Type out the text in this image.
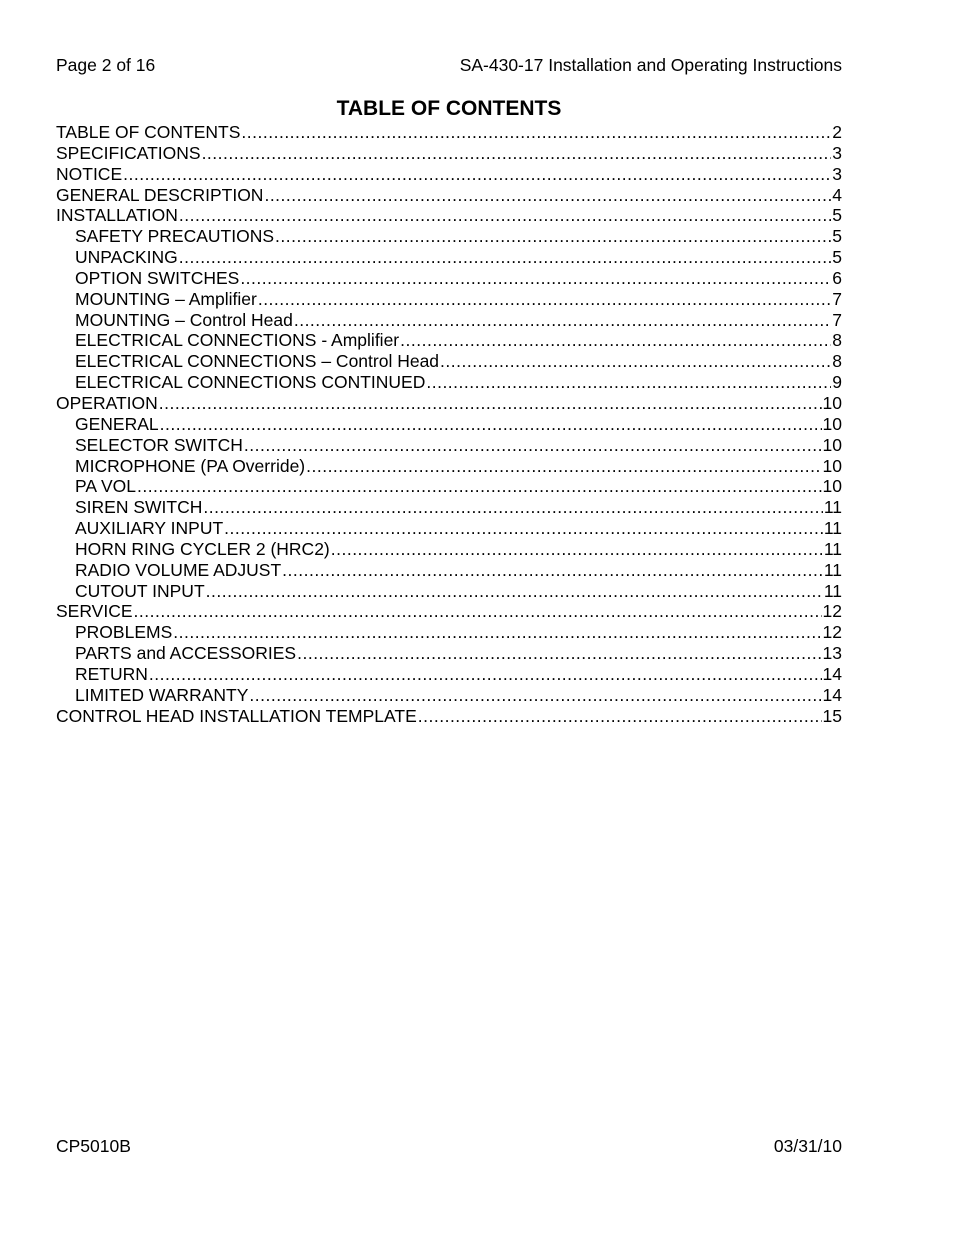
Page 2 of 16	SA-430-17 Installation and Operating Instructions
TABLE OF CONTENTS
TABLE OF CONTENTS .....	2
SPECIFICATIONS .....	3
NOTICE .....	3
GENERAL DESCRIPTION .....	4
INSTALLATION .....	5
SAFETY PRECAUTIONS .....	5
UNPACKING .....	5
OPTION SWITCHES .....	6
MOUNTING – Amplifier .....	7
MOUNTING – Control Head .....	7
ELECTRICAL CONNECTIONS - Amplifier .....	8
ELECTRICAL CONNECTIONS – Control Head .....	8
ELECTRICAL CONNECTIONS CONTINUED .....	9
OPERATION .....	10
GENERAL .....	10
SELECTOR SWITCH .....	10
MICROPHONE (PA Override) .....	10
PA VOL .....	10
SIREN SWITCH .....	11
AUXILIARY INPUT .....	11
HORN RING CYCLER 2 (HRC2) .....	11
RADIO VOLUME ADJUST .....	11
CUTOUT INPUT .....	11
SERVICE .....	12
PROBLEMS .....	12
PARTS and ACCESSORIES .....	13
RETURN .....	14
LIMITED WARRANTY .....	14
CONTROL HEAD INSTALLATION TEMPLATE .....	15
CP5010B	03/31/10
